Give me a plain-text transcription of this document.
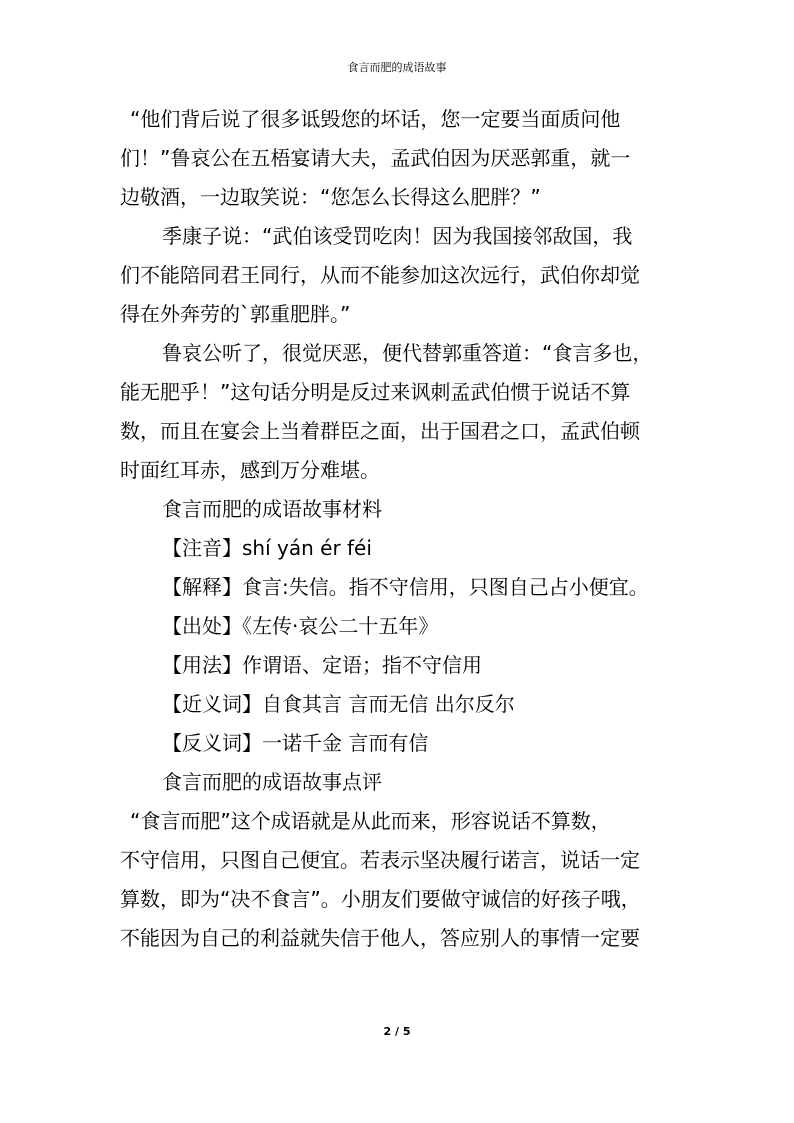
食言而肥的成语故事
“他们背后说了很多诋毁您的坏话，您一定要当面质问他
们！”鲁哀公在五梧宴请大夫，孟武伯因为厌恶郭重，就一
边敬酒，一边取笑说：“您怎么长得这么肥胖？”
季康子说：“武伯该受罚吃肉！因为我国接邻敌国，我
们不能陪同君王同行，从而不能参加这次远行，武伯你却觉
得在外奔劳的`郭重肥胖。”
鲁哀公听了，很觉厌恶，便代替郭重答道：“食言多也，
能无肥乎！”这句话分明是反过来讽刺孟武伯惯于说话不算
数，而且在宴会上当着群臣之面，出于国君之口，孟武伯顿
时面红耳赤，感到万分难堪。
食言而肥的成语故事材料
【注音】shí yán ér féi
【解释】食言:失信。指不守信用，只图自己占小便宜。
【出处】《左传·哀公二十五年》
【用法】作谓语、定语；指不守信用
【近义词】自食其言 言而无信 出尔反尔
【反义词】一诺千金 言而有信
食言而肥的成语故事点评
“食言而肥”这个成语就是从此而来，形容说话不算数，
不守信用，只图自己便宜。若表示坚决履行诺言，说话一定
算数，即为“决不食言”。小朋友们要做守诚信的好孩子哦，
不能因为自己的利益就失信于他人，答应别人的事情一定要
2 / 5
